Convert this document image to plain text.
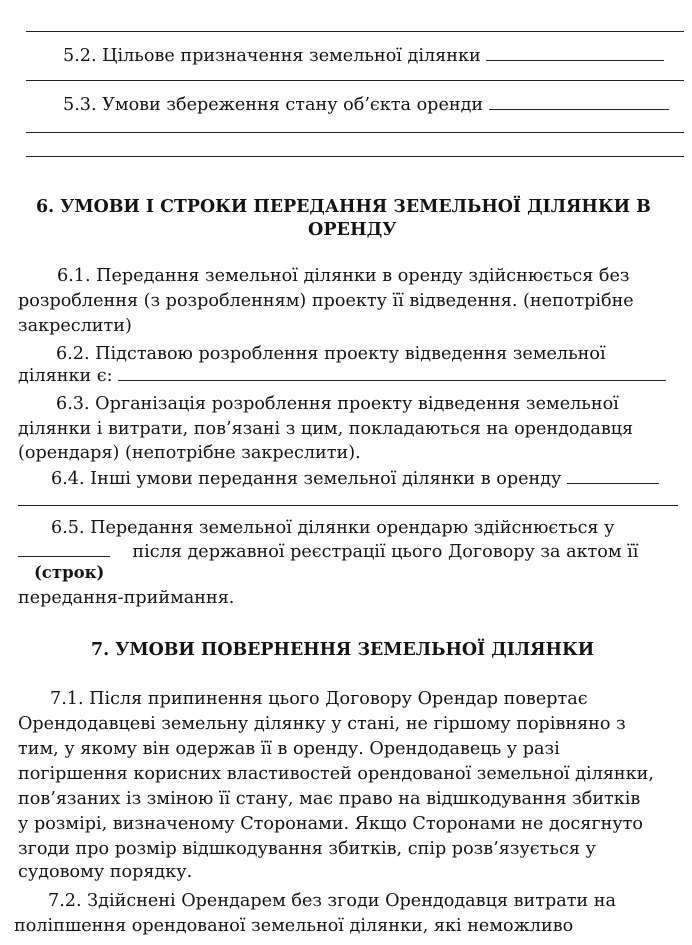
5.2. Цільове призначення земельної ділянки
5.3. Умови збереження стану об’єкта оренди
6. УМОВИ І СТРОКИ ПЕРЕДАННЯ ЗЕМЕЛЬНОЇ ДІЛЯНКИ В
ОРЕНДУ
6.1. Передання земельної ділянки в оренду здійснюється без
розроблення (з розробленням) проекту її відведення. (непотрібне
закреслити)
6.2. Підставою розроблення проекту відведення земельної
ділянки є:
6.3. Організація розроблення проекту відведення земельної
ділянки і витрати, пов’язані з цим, покладаються на орендодавця
(орендаря) (непотрібне закреслити).
6.4. Інші умови передання земельної ділянки в оренду
6.5. Передання земельної ділянки орендарю здійснюється у
після державної реєстрації цього Договору за актом її
(строк)
передання-приймання.
7. УМОВИ ПОВЕРНЕННЯ ЗЕМЕЛЬНОЇ ДІЛЯНКИ
7.1. Після припинення цього Договору Орендар повертає
Орендодавцеві земельну ділянку у стані, не гіршому порівняно з
тим, у якому він одержав її в оренду. Орендодавець у разі
погіршення корисних властивостей орендованої земельної ділянки,
пов’язаних із зміною її стану, має право на відшкодування збитків
у розмірі, визначеному Сторонами. Якщо Сторонами не досягнуто
згоди про розмір відшкодування збитків, спір розв’язується у
судовому порядку.
7.2. Здійснені Орендарем без згоди Орендодавця витрати на
поліпшення орендованої земельної ділянки, які неможливо
